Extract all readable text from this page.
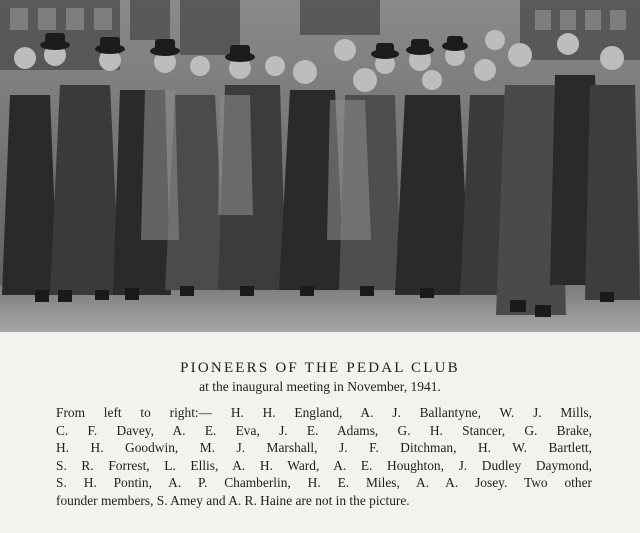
PIONEERS OF THE PEDAL CLUB

at the inaugural meeting in November, 1941.

From left to right:— H. H. England, A. J. Ballantyne, W. J. Mills,
C. F. Davey, A. E. Eva, J. E. Adams, G. H. Stancer, G. Brake,
H. H. Goodwin, M. J. Marshall, J. F. Ditchman, H. W. Bartlett,
S. R. Forrest, L. Ellis, A. H. Ward, A. E. Houghton, J. Dudley Daymond,
S. H. Pontin, A. P. Chamberlin, H. E. Miles, A. A. Josey. Two other
founder members, S. Amey and A. R. Haine are not in the picture.
